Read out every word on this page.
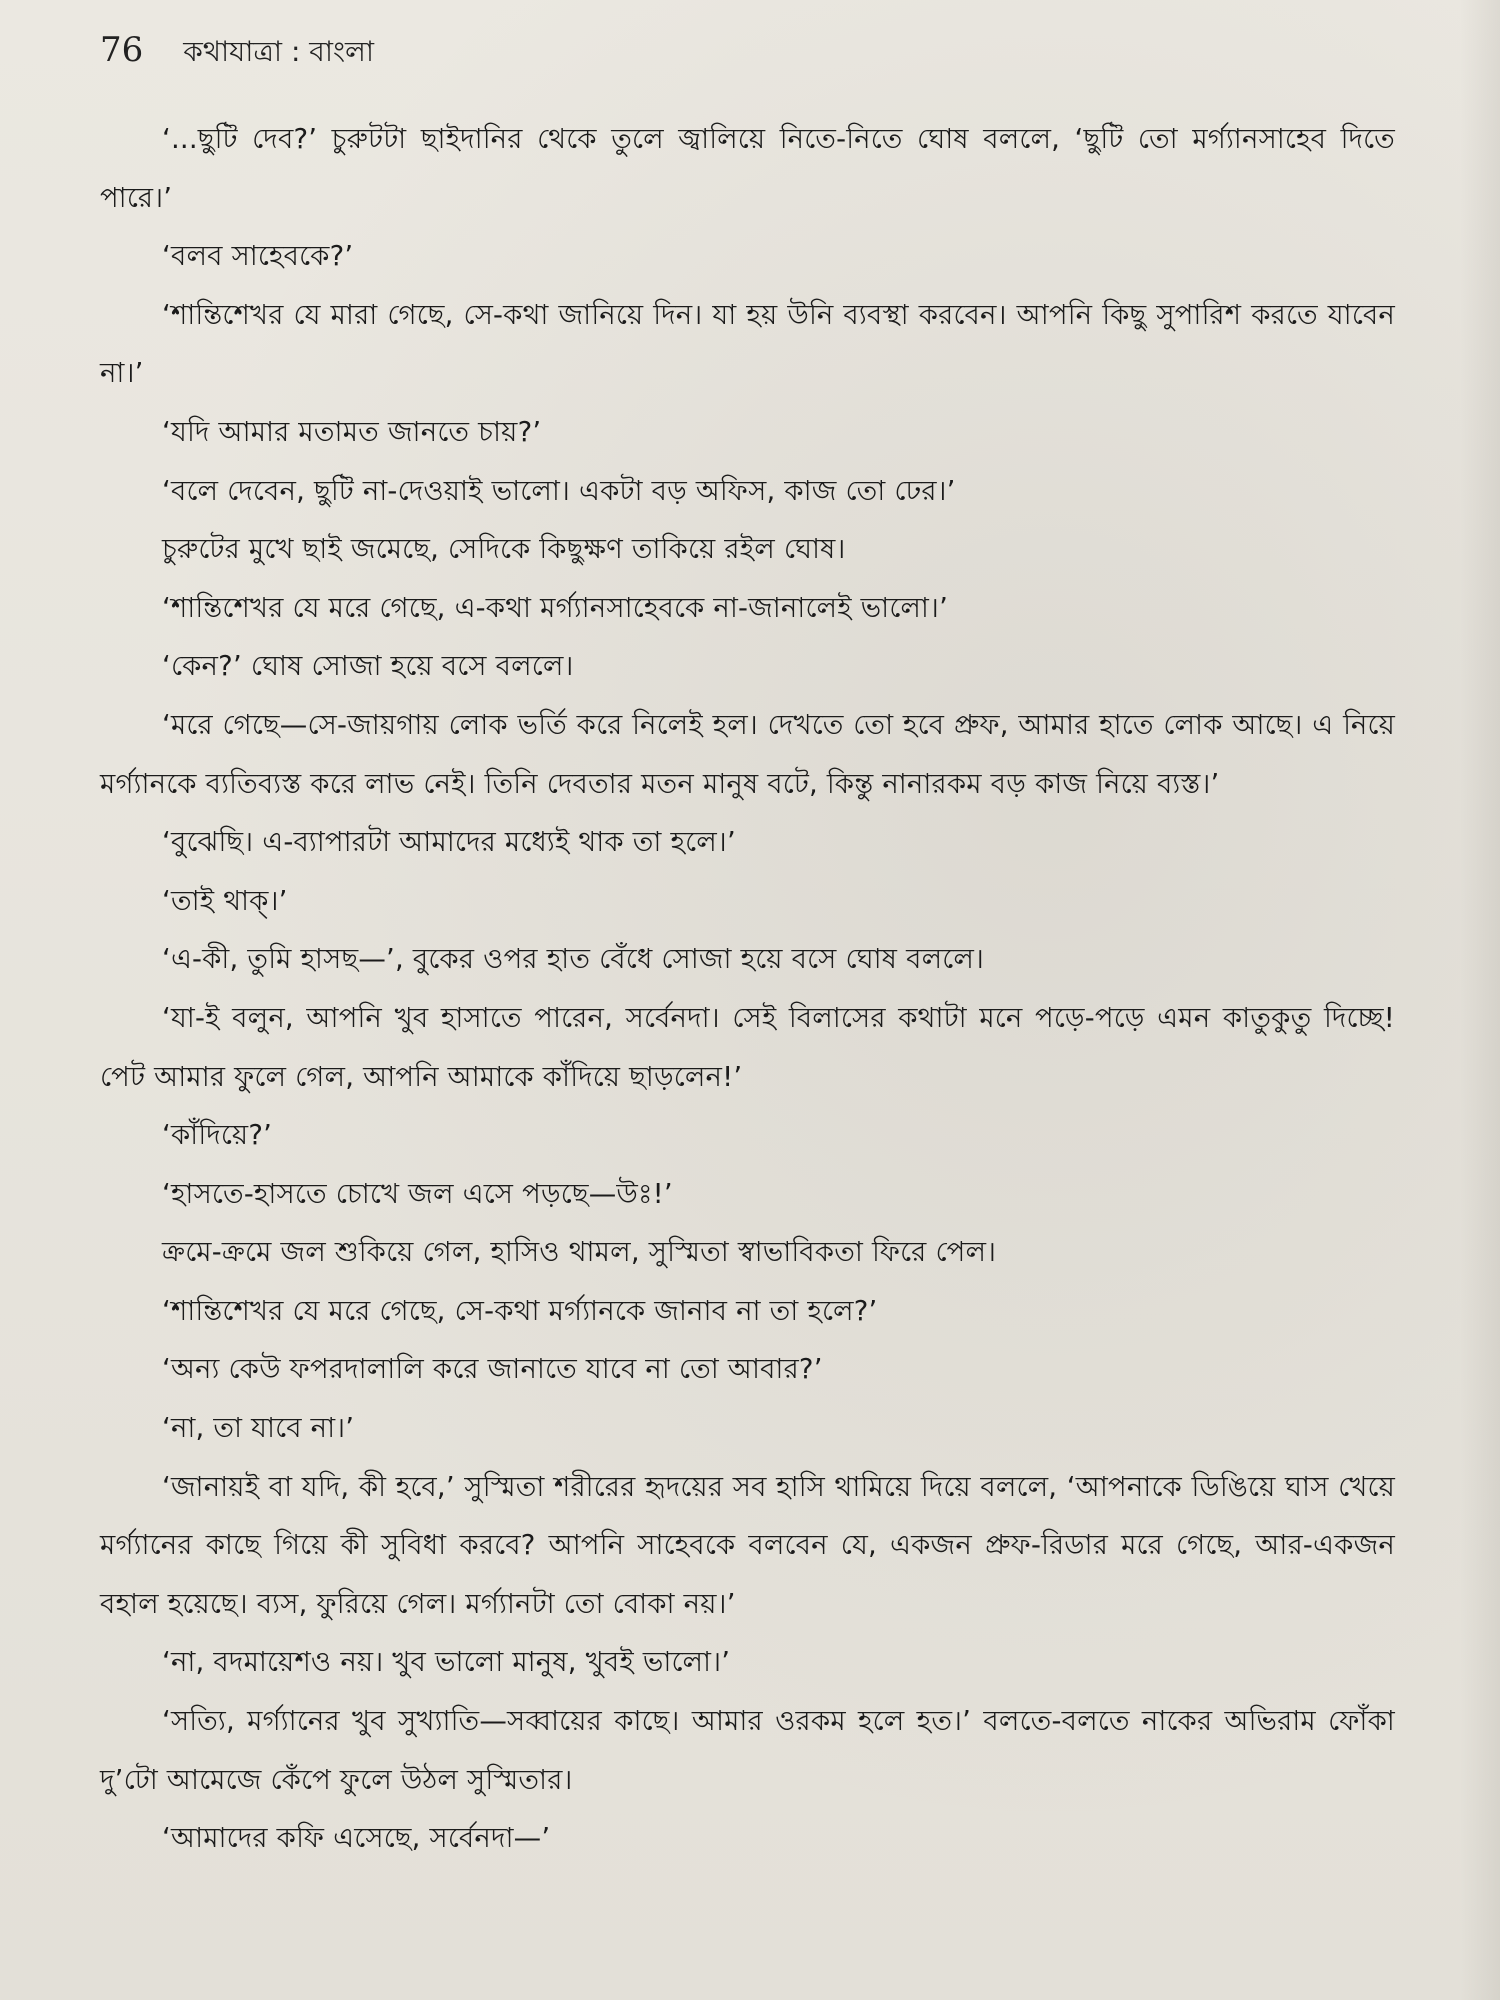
76 কথাযাত্রা : বাংলা

‘...ছুটি দেব?’ চুরুটটা ছাইদানির থেকে তুলে জ্বালিয়ে নিতে-নিতে ঘোষ বললে, ‘ছুটি তো মর্গ্যানসাহেব দিতে পারে।’

‘বলব সাহেবকে?’

‘শান্তিশেখর যে মারা গেছে, সে-কথা জানিয়ে দিন। যা হয় উনি ব্যবস্থা করবেন। আপনি কিছু সুপারিশ করতে যাবেন না।’

‘যদি আমার মতামত জানতে চায়?’

‘বলে দেবেন, ছুটি না-দেওয়াই ভালো। একটা বড় অফিস, কাজ তো ঢের।’

চুরুটের মুখে ছাই জমেছে, সেদিকে কিছুক্ষণ তাকিয়ে রইল ঘোষ।

‘শান্তিশেখর যে মরে গেছে, এ-কথা মর্গ্যানসাহেবকে না-জানালেই ভালো।’

‘কেন?’ ঘোষ সোজা হয়ে বসে বললে।

‘মরে গেছে—সে-জায়গায় লোক ভর্তি করে নিলেই হল। দেখতে তো হবে প্রুফ, আমার হাতে লোক আছে। এ নিয়ে মর্গ্যানকে ব্যতিব্যস্ত করে লাভ নেই। তিনি দেবতার মতন মানুষ বটে, কিন্তু নানারকম বড় কাজ নিয়ে ব্যস্ত।’

‘বুঝেছি। এ-ব্যাপারটা আমাদের মধ্যেই থাক তা হলে।’

‘তাই থাক্।’

‘এ-কী, তুমি হাসছ—’, বুকের ওপর হাত বেঁধে সোজা হয়ে বসে ঘোষ বললে।

‘যা-ই বলুন, আপনি খুব হাসাতে পারেন, সর্বেনদা। সেই বিলাসের কথাটা মনে পড়ে-পড়ে এমন কাতুকুতু দিচ্ছে! পেট আমার ফুলে গেল, আপনি আমাকে কাঁদিয়ে ছাড়লেন!’

‘কাঁদিয়ে?’

‘হাসতে-হাসতে চোখে জল এসে পড়ছে—উঃ!’

ক্রমে-ক্রমে জল শুকিয়ে গেল, হাসিও থামল, সুস্মিতা স্বাভাবিকতা ফিরে পেল।

‘শান্তিশেখর যে মরে গেছে, সে-কথা মর্গ্যানকে জানাব না তা হলে?’

‘অন্য কেউ ফপরদালালি করে জানাতে যাবে না তো আবার?’

‘না, তা যাবে না।’

‘জানায়ই বা যদি, কী হবে,’ সুস্মিতা শরীরের হৃদয়ের সব হাসি থামিয়ে দিয়ে বললে, ‘আপনাকে ডিঙিয়ে ঘাস খেয়ে মর্গ্যানের কাছে গিয়ে কী সুবিধা করবে? আপনি সাহেবকে বলবেন যে, একজন প্রুফ-রিডার মরে গেছে, আর-একজন বহাল হয়েছে। ব্যস, ফুরিয়ে গেল। মর্গ্যানটা তো বোকা নয়।’

‘না, বদমায়েশও নয়। খুব ভালো মানুষ, খুবই ভালো।’

‘সত্যি, মর্গ্যানের খুব সুখ্যাতি—সব্বায়ের কাছে। আমার ওরকম হলে হত।’ বলতে-বলতে নাকের অভিরাম ফোঁকা দু’টো আমেজে কেঁপে ফুলে উঠল সুস্মিতার।

‘আমাদের কফি এসেছে, সর্বেনদা—’
